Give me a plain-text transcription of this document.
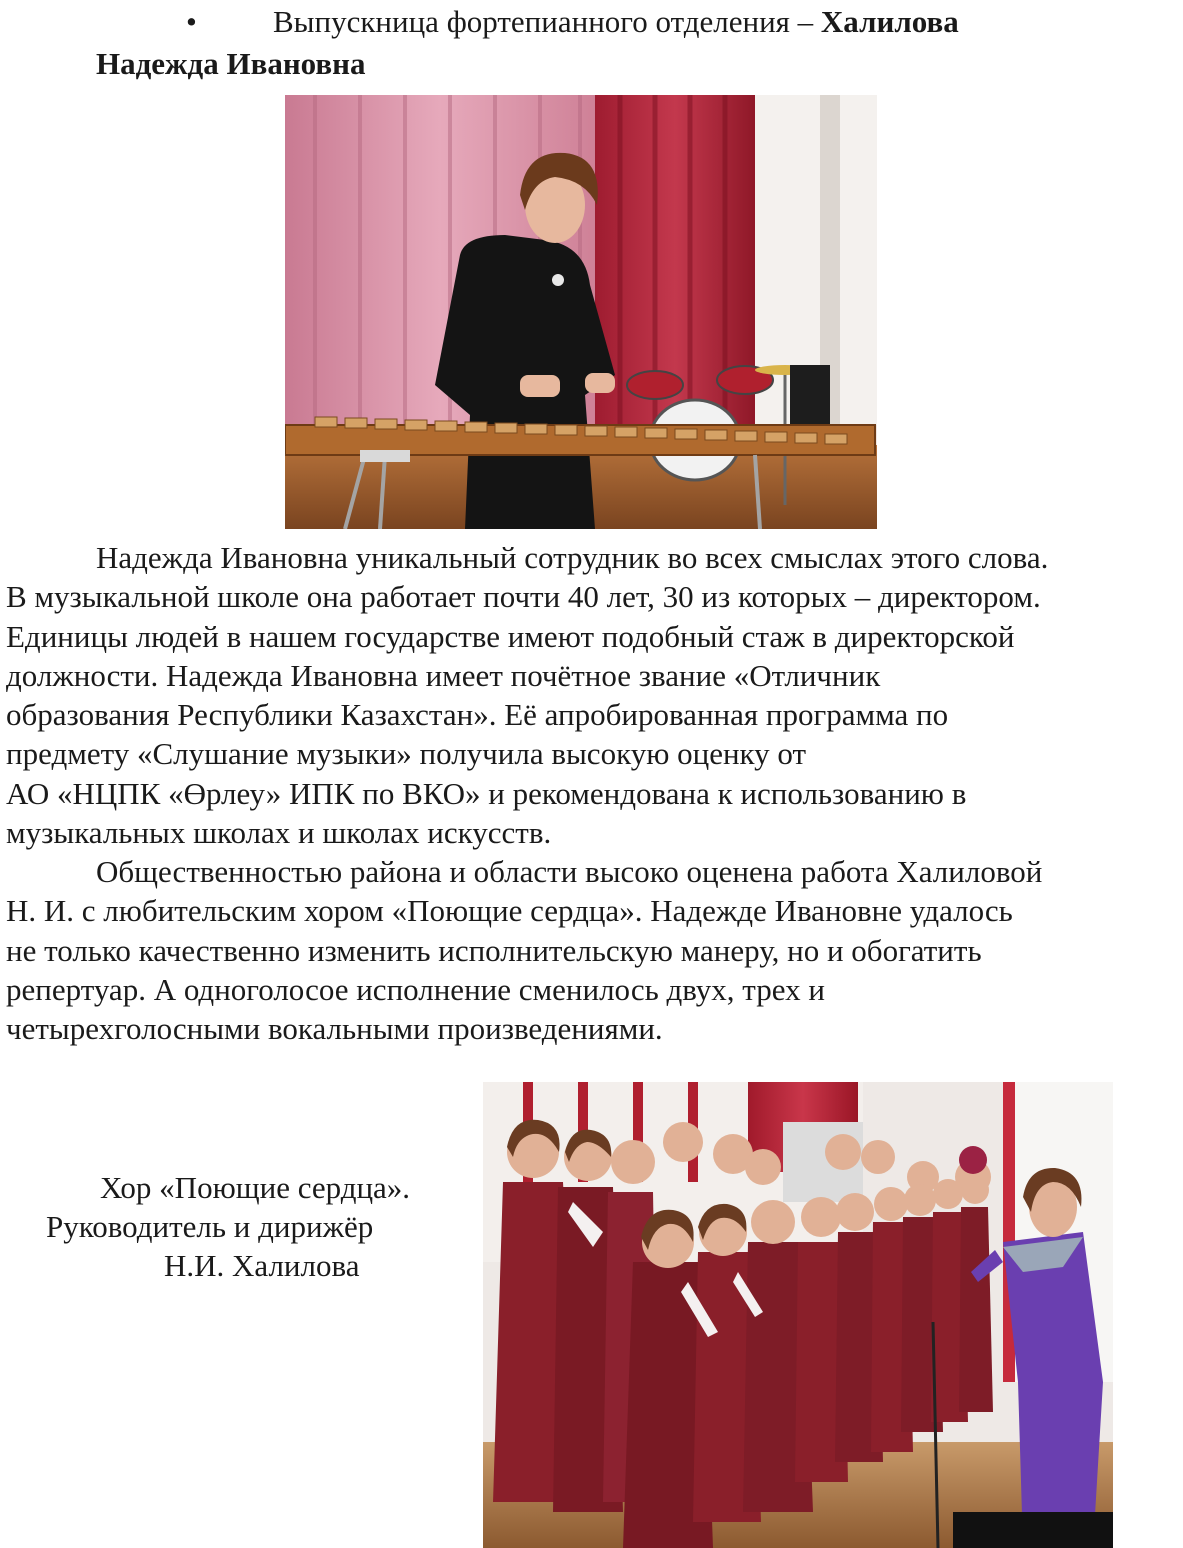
• Выпускница фортепианного отделения – Халилова
Надежда Ивановна

Надежда Ивановна уникальный сотрудник во всех смыслах этого слова.

В музыкальной школе она работает почти 40 лет, 30 из которых – директором.

Единицы людей в нашем государстве имеют подобный стаж в директорской

должности. Надежда Ивановна имеет почётное звание «Отличник

образования Республики Казахстан». Её апробированная программа по

предмету «Слушание музыки» получила высокую оценку от

АО «НЦПК «Өрлеу» ИПК по ВКО» и рекомендована к использованию в

музыкальных школах и школах искусств.

Общественностью района и области высоко оценена работа Халиловой

Н. И. с любительским хором «Поющие сердца». Надежде Ивановне удалось

не только качественно изменить исполнительскую манеру, но и обогатить

репертуар. А одноголосое исполнение сменилось двух, трех и

четырехголосными вокальными произведениями.

Хор «Поющие сердца».
Руководитель и дирижёр
Н.И. Халилова
